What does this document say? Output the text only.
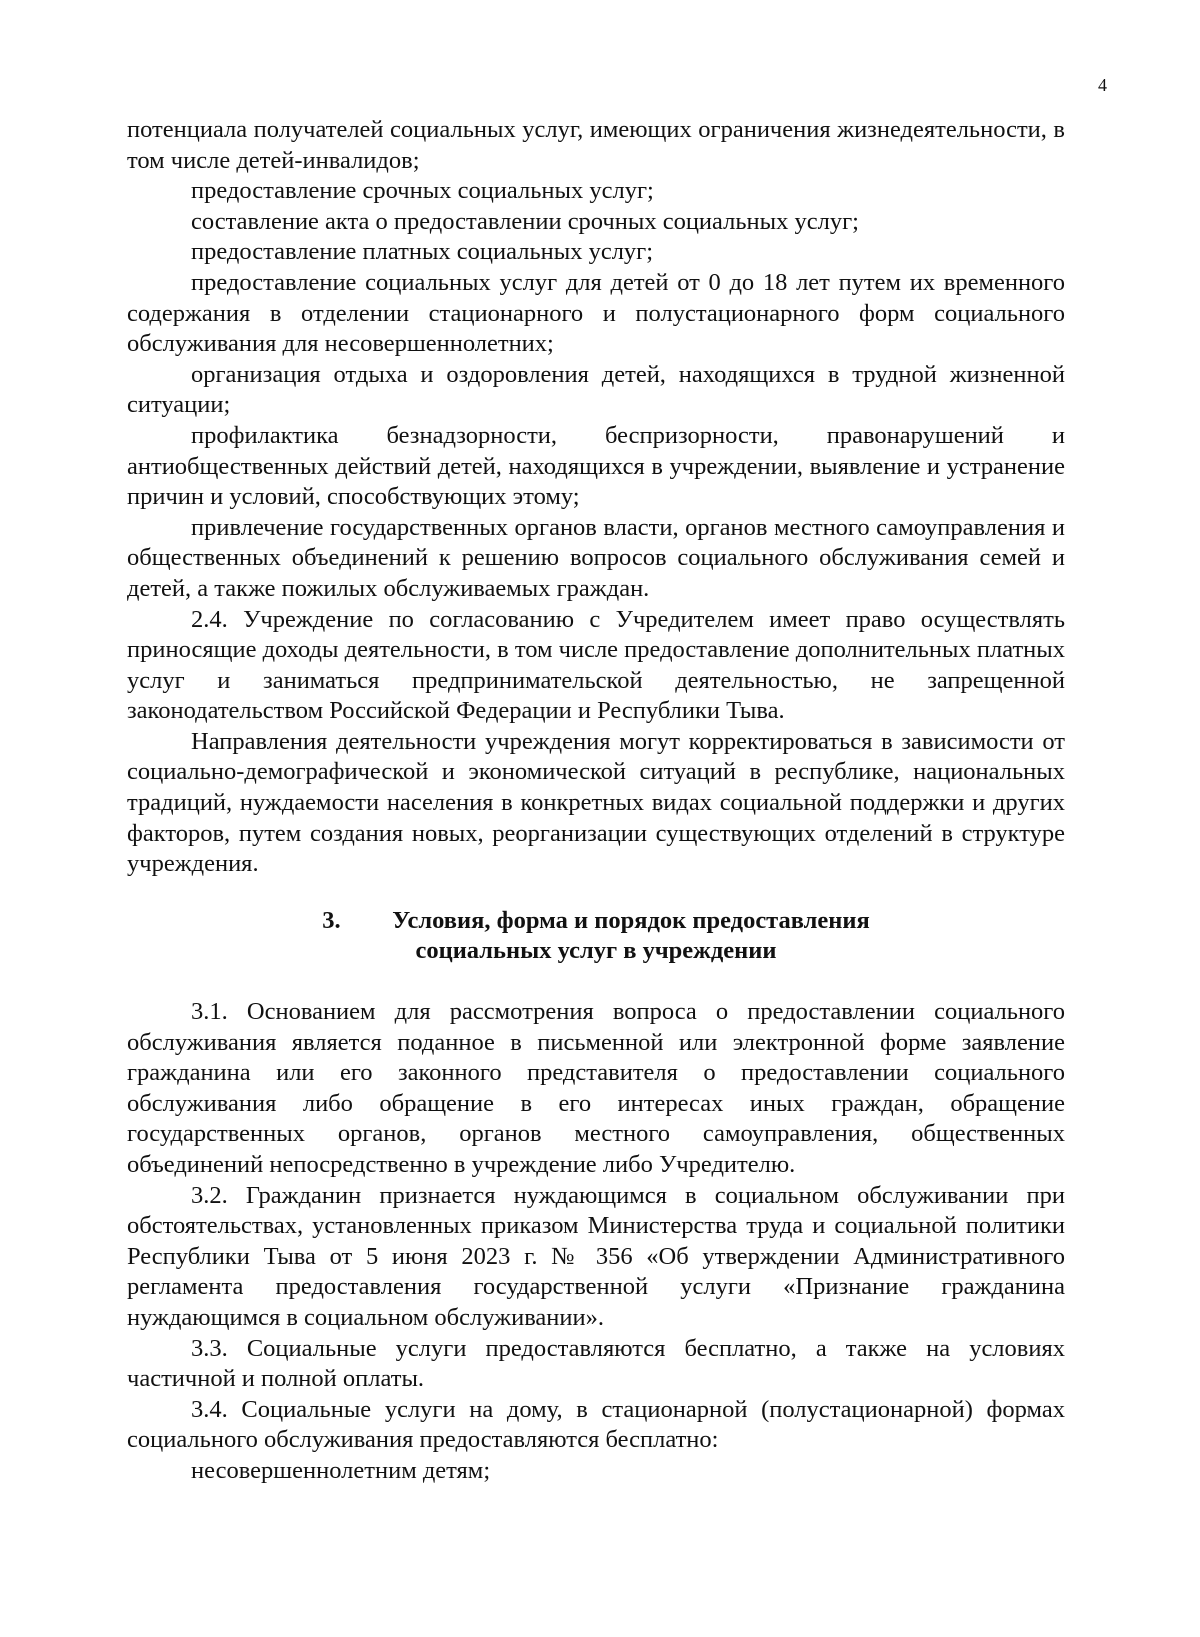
4

потенциала получателей социальных услуг, имеющих ограничения жизнедеятельности, в том числе детей-инвалидов;

предоставление срочных социальных услуг;

составление акта о предоставлении срочных социальных услуг;

предоставление платных социальных услуг;

предоставление социальных услуг для детей от 0 до 18 лет путем их временного содержания в отделении стационарного и полустационарного форм социального обслуживания для несовершеннолетних;

организация отдыха и оздоровления детей, находящихся в трудной жизненной ситуации;

профилактика безнадзорности, беспризорности, правонарушений и антиобщественных действий детей, находящихся в учреждении, выявление и устранение причин и условий, способствующих этому;

привлечение государственных органов власти, органов местного самоуправления и общественных объединений к решению вопросов социального обслуживания семей и детей, а также пожилых обслуживаемых граждан.

2.4. Учреждение по согласованию с Учредителем имеет право осуществлять приносящие доходы деятельности, в том числе предоставление дополнительных платных услуг и заниматься предпринимательской деятельностью, не запрещенной законодательством Российской Федерации и Республики Тыва.

Направления деятельности учреждения могут корректироваться в зависимости от социально-демографической и экономической ситуаций в республике, национальных традиций, нуждаемости населения в конкретных видах социальной поддержки и других факторов, путем создания новых, реорганизации существующих отделений в структуре учреждения.

3. Условия, форма и порядок предоставления
социальных услуг в учреждении

3.1. Основанием для рассмотрения вопроса о предоставлении социального обслуживания является поданное в письменной или электронной форме заявление гражданина или его законного представителя о предоставлении социального обслуживания либо обращение в его интересах иных граждан, обращение государственных органов, органов местного самоуправления, общественных объединений непосредственно в учреждение либо Учредителю.

3.2. Гражданин признается нуждающимся в социальном обслуживании при обстоятельствах, установленных приказом Министерства труда и социальной политики Республики Тыва от 5 июня 2023 г. № 356 «Об утверждении Административного регламента предоставления государственной услуги «Признание гражданина нуждающимся в социальном обслуживании».

3.3. Социальные услуги предоставляются бесплатно, а также на условиях частичной и полной оплаты.

3.4. Социальные услуги на дому, в стационарной (полустационарной) формах социального обслуживания предоставляются бесплатно:

несовершеннолетним детям;
